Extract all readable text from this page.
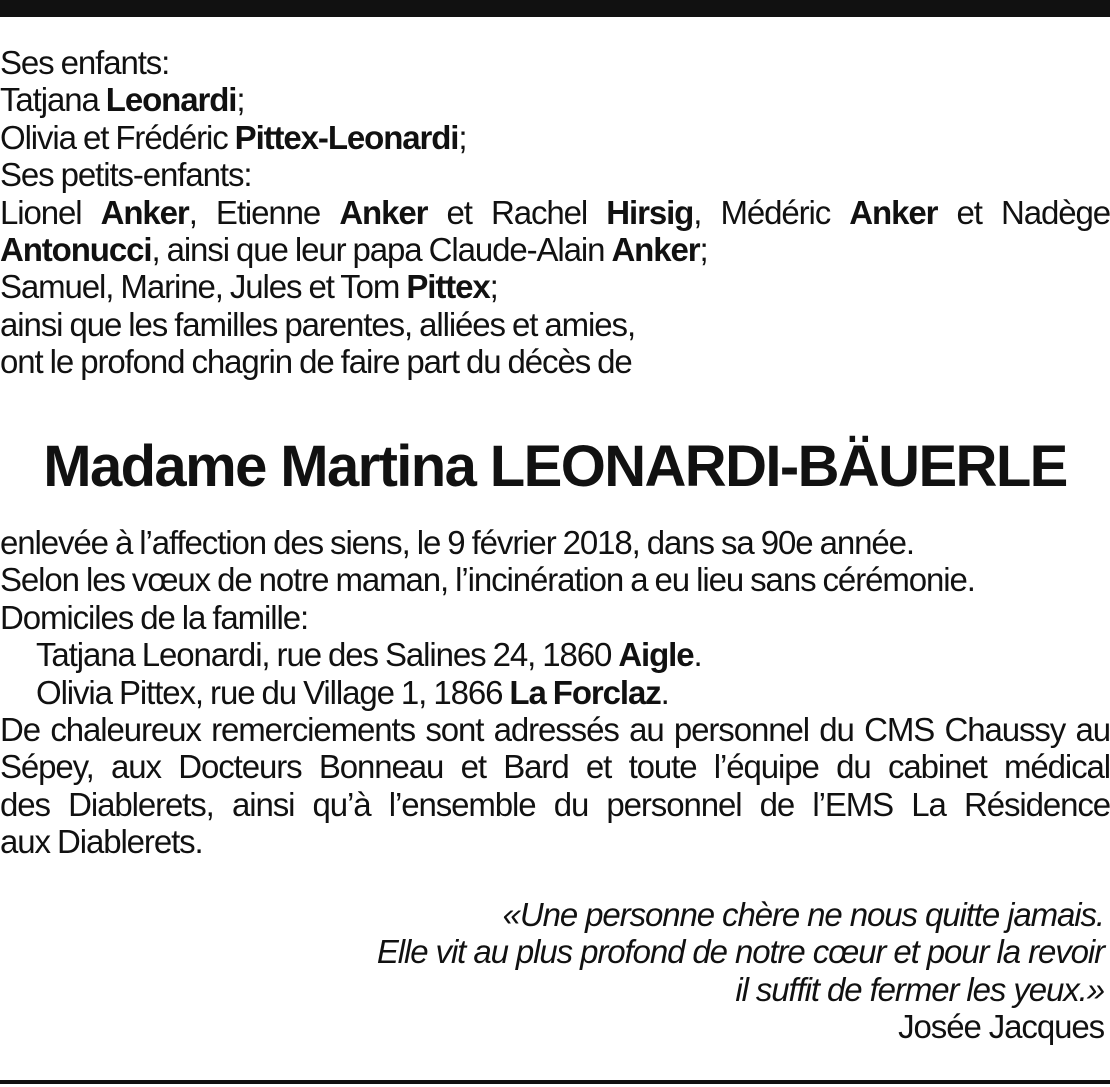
Ses enfants:
Tatjana Leonardi;
Olivia et Frédéric Pittex-Leonardi;
Ses petits-enfants:
Lionel Anker, Etienne Anker et Rachel Hirsig, Médéric Anker et Nadège
Antonucci, ainsi que leur papa Claude-Alain Anker;
Samuel, Marine, Jules et Tom Pittex;
ainsi que les familles parentes, alliées et amies,
ont le profond chagrin de faire part du décès de
Madame Martina LEONARDI-BÄUERLE
enlevée à l’affection des siens, le 9 février 2018, dans sa 90e année.
Selon les vœux de notre maman, l’incinération a eu lieu sans cérémonie.
Domiciles de la famille:
Tatjana Leonardi, rue des Salines 24, 1860 Aigle.
Olivia Pittex, rue du Village 1, 1866 La Forclaz.
De chaleureux remerciements sont adressés au personnel du CMS Chaussy au
Sépey, aux Docteurs Bonneau et Bard et toute l’équipe du cabinet médical
des Diablerets, ainsi qu’à l’ensemble du personnel de l’EMS La Résidence
aux Diablerets.
«Une personne chère ne nous quitte jamais.
Elle vit au plus profond de notre cœur et pour la revoir
il suffit de fermer les yeux.»
Josée Jacques
